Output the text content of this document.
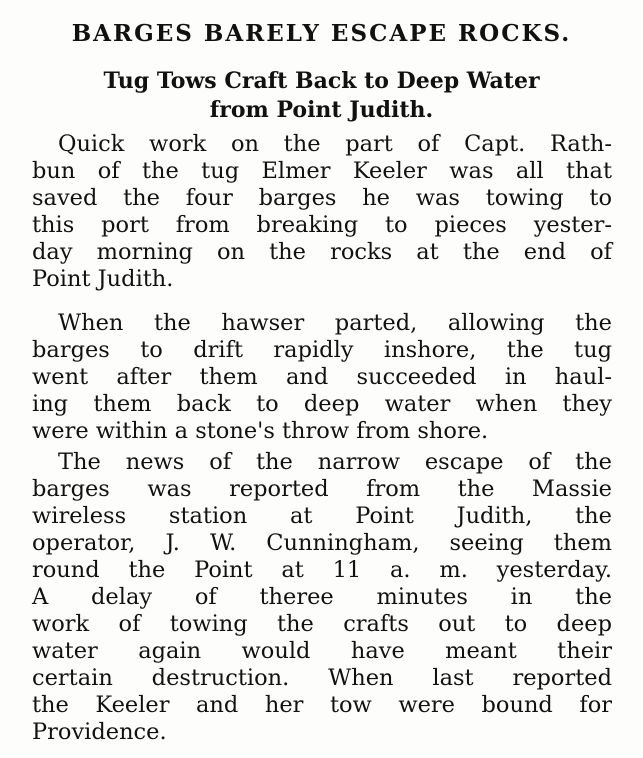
BARGES BARELY ESCAPE ROCKS.
Tug Tows Craft Back to Deep Water
from Point Judith.

Quick work on the part of Capt. Rath-

bun of the tug Elmer Keeler was all that

saved the four barges he was towing to

this port from breaking to pieces yester-

day morning on the rocks at the end of

Point Judith.

When the hawser parted, allowing the

barges to drift rapidly inshore, the tug

went after them and succeeded in haul-

ing them back to deep water when they

were within a stone's throw from shore.

The news of the narrow escape of the

barges was reported from the Massie

wireless station at Point Judith, the

operator, J. W. Cunningham, seeing them

round the Point at 11 a. m. yesterday.

A delay of theree minutes in the

work of towing the crafts out to deep

water again would have meant their

certain destruction. When last reported

the Keeler and her tow were bound for

Providence.
